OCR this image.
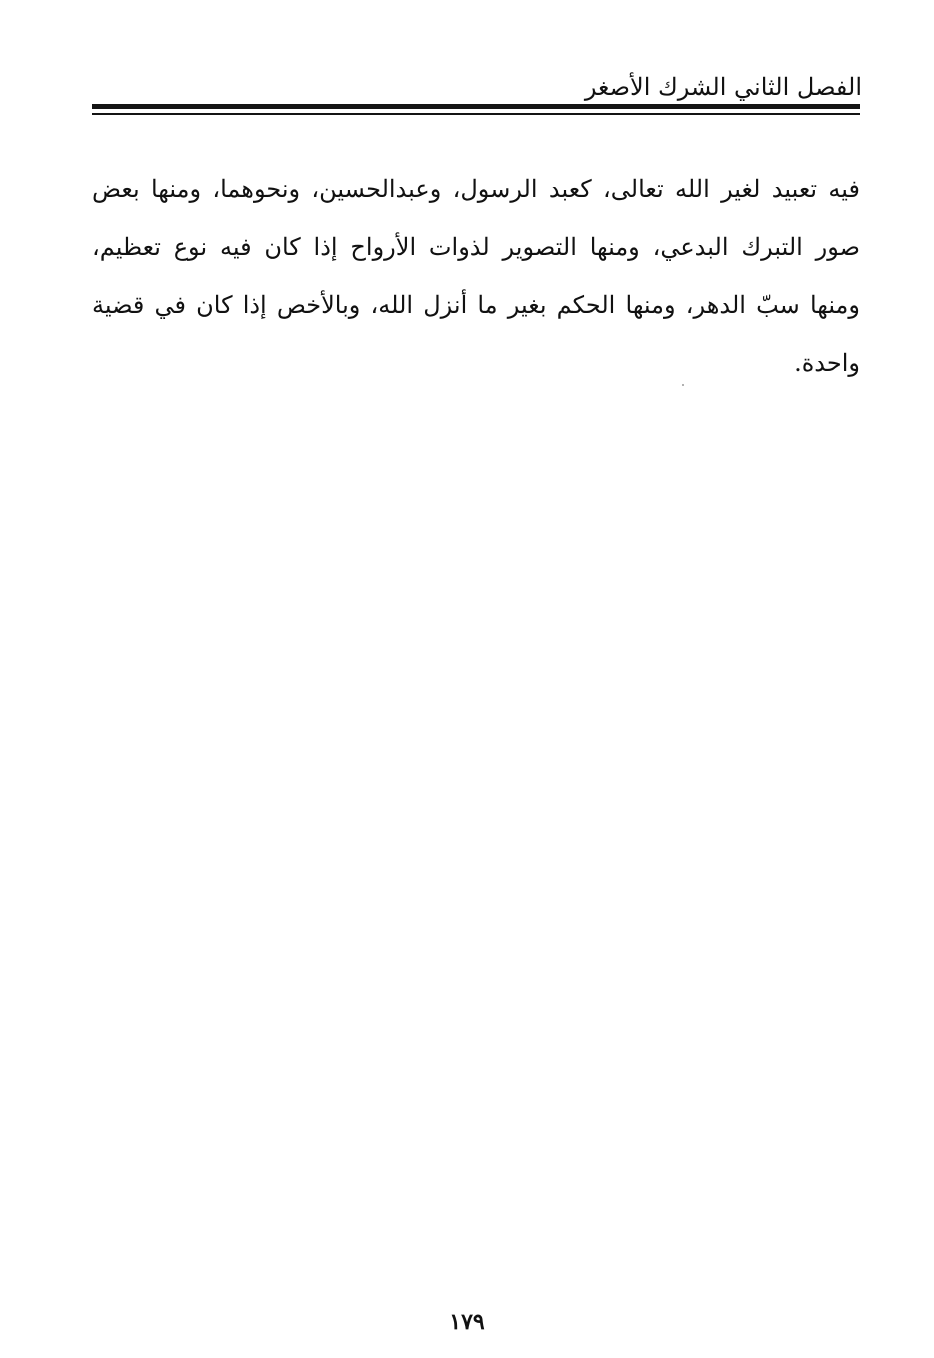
الفصل الثاني الشرك الأصغر
فيه تعبيد لغير الله تعالى، كعبد الرسول، وعبدالحسين، ونحوهما، ومنها بعض
صور التبرك البدعي، ومنها التصوير لذوات الأرواح إذا كان فيه نوع تعظيم،
ومنها سبّ الدهر، ومنها الحكم بغير ما أنزل الله، وبالأخص إذا كان في قضية
واحدة.
١٧٩
